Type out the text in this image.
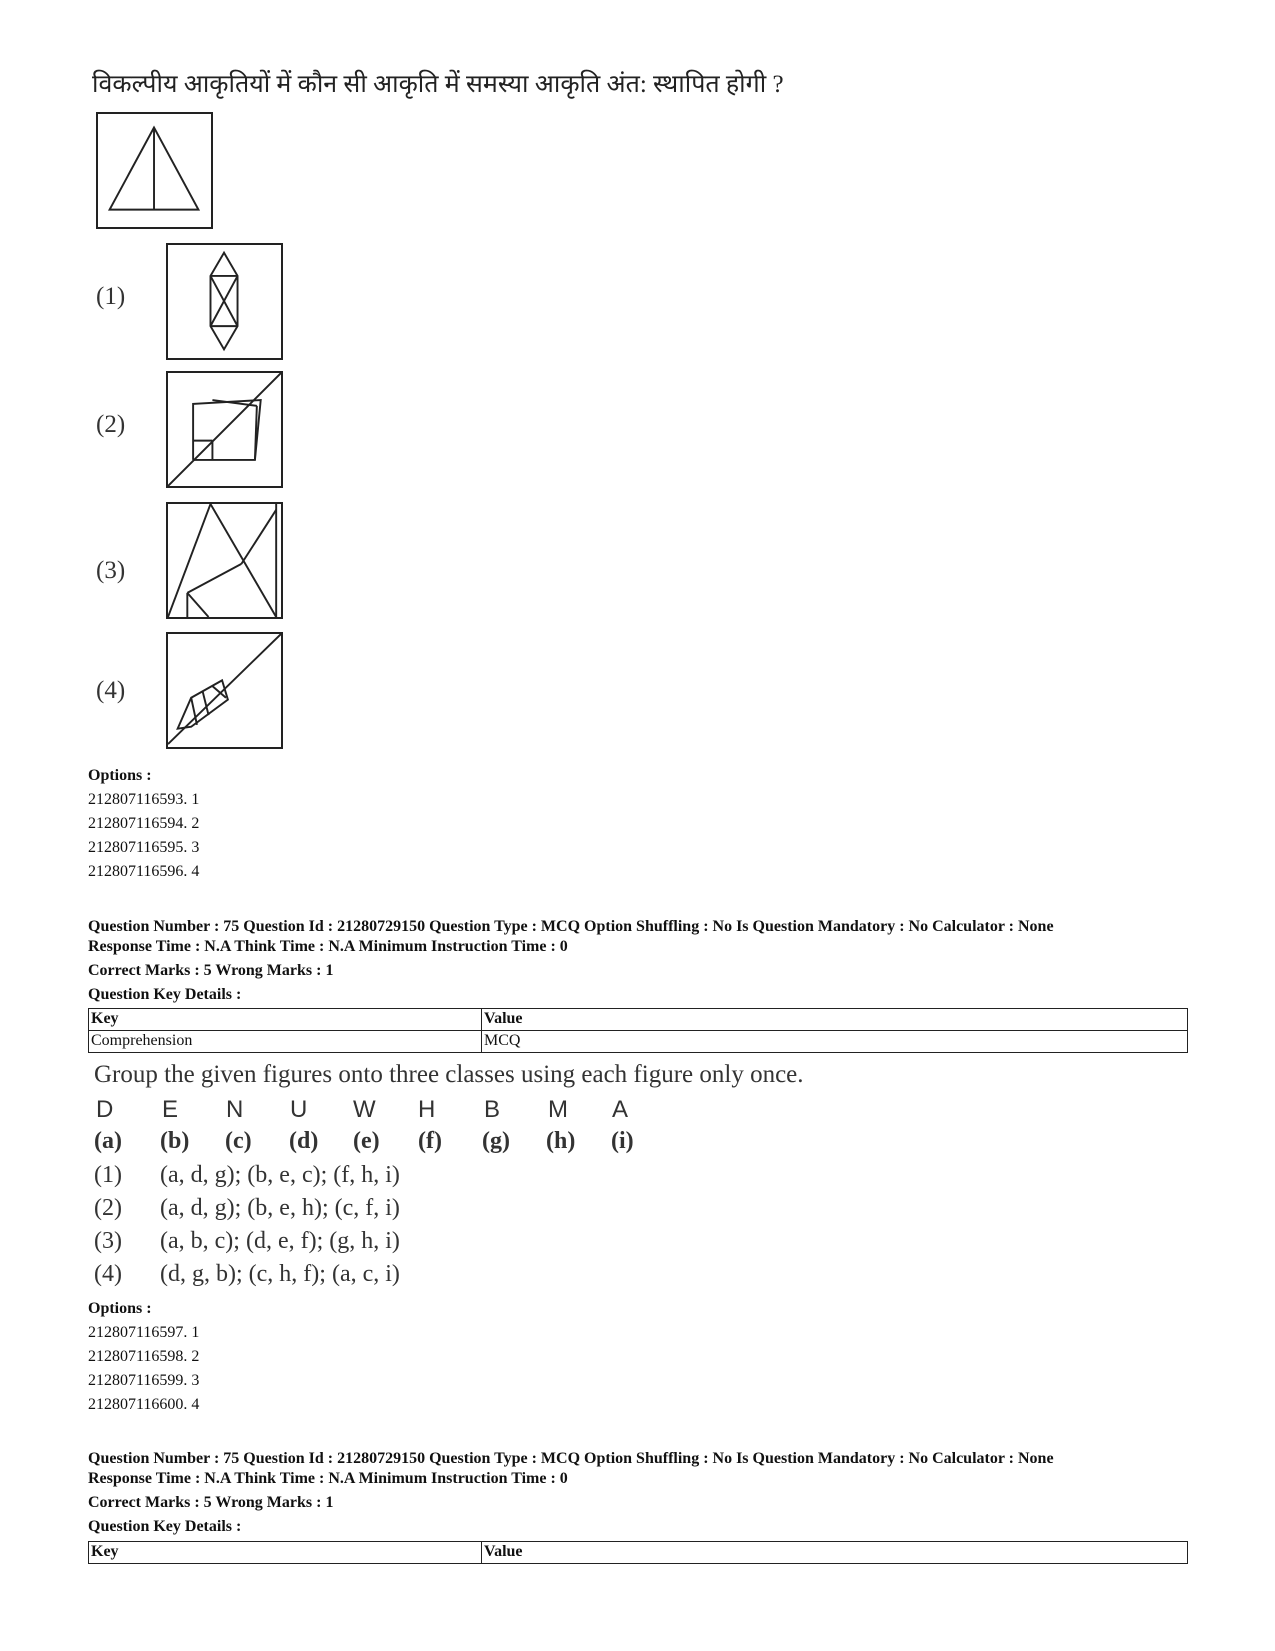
विकल्पीय आकृतियों में कौन सी आकृति में समस्या आकृति अंत: स्थापित होगी ?
(1)
(2)
(3)
(4)
Options :
212807116593. 1
212807116594. 2
212807116595. 3
212807116596. 4
Question Number : 75 Question Id : 21280729150 Question Type : MCQ Option Shuffling : No Is Question Mandatory : No Calculator : None
Response Time : N.A Think Time : N.A Minimum Instruction Time : 0
Correct Marks : 5 Wrong Marks : 1
Question Key Details :
Key	Value
Comprehension	MCQ
Group the given figures onto three classes using each figure only once.
D E N U W H B M A
(a) (b) (c) (d) (e) (f) (g) (h) (i)
(1) (a, d, g); (b, e, c); (f, h, i)
(2) (a, d, g); (b, e, h); (c, f, i)
(3) (a, b, c); (d, e, f); (g, h, i)
(4) (d, g, b); (c, h, f); (a, c, i)
Options :
212807116597. 1
212807116598. 2
212807116599. 3
212807116600. 4
Question Number : 75 Question Id : 21280729150 Question Type : MCQ Option Shuffling : No Is Question Mandatory : No Calculator : None
Response Time : N.A Think Time : N.A Minimum Instruction Time : 0
Correct Marks : 5 Wrong Marks : 1
Question Key Details :
Key	Value
